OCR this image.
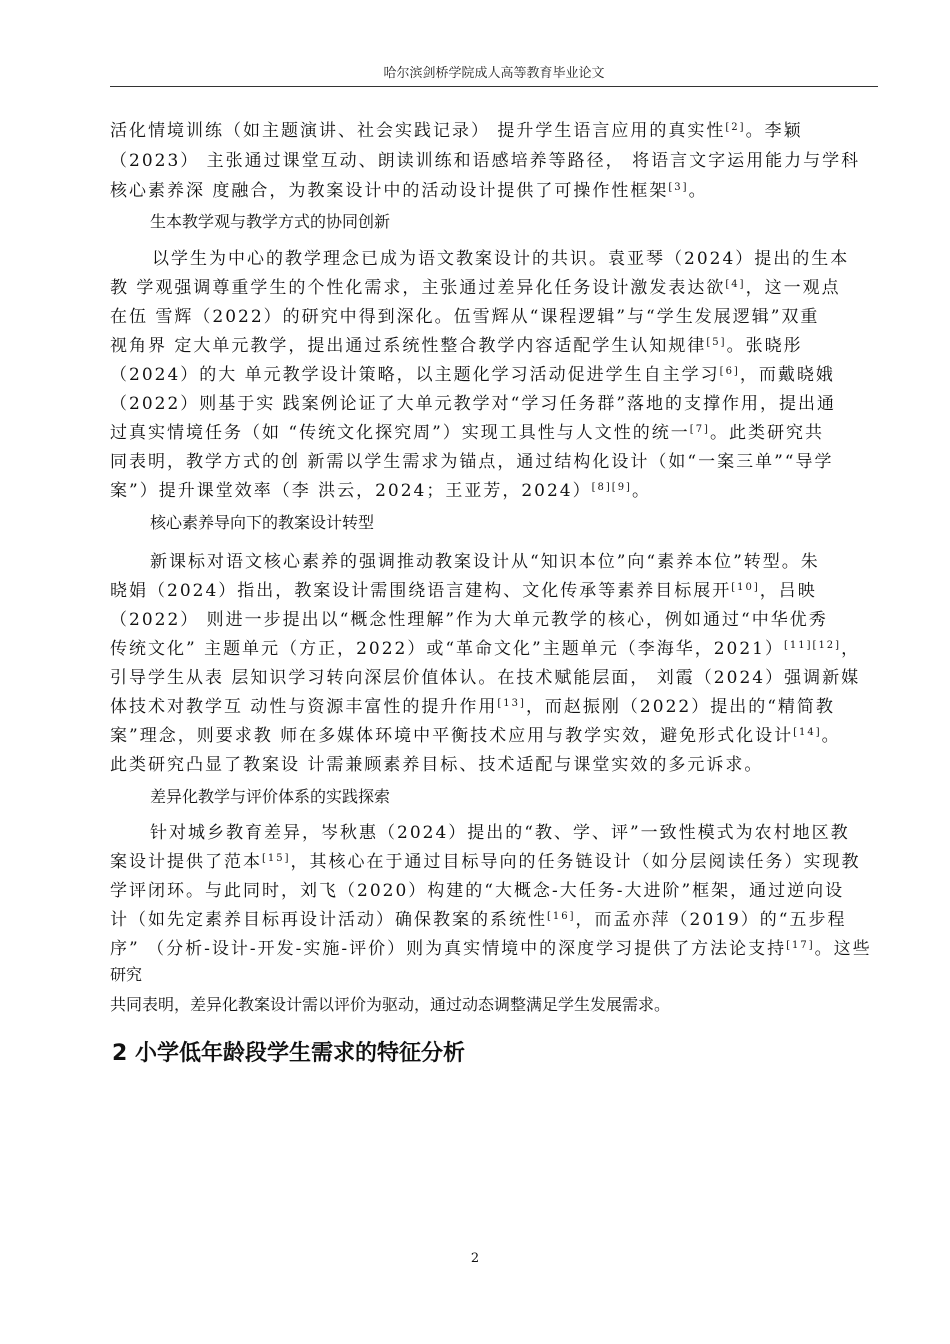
哈尔滨剑桥学院成人高等教育毕业论文
活化情境训练（如主题演讲、社会实践记录） 提升学生语言应用的真实性[2]。李颖
（2023） 主张通过课堂互动、朗读训练和语感培养等路径， 将语言文字运用能力与学科
核心素养深 度融合，为教案设计中的活动设计提供了可操作性框架[3]。
生本教学观与教学方式的协同创新
以学生为中心的教学理念已成为语文教案设计的共识。袁亚琴（2024）提出的生本
教 学观强调尊重学生的个性化需求，主张通过差异化任务设计激发表达欲[4]，这一观点
在伍 雪辉（2022）的研究中得到深化。伍雪辉从“课程逻辑”与“学生发展逻辑”双重
视角界 定大单元教学，提出通过系统性整合教学内容适配学生认知规律[5]。张晓彤
（2024）的大 单元教学设计策略，以主题化学习活动促进学生自主学习[6]，而戴晓娥
（2022）则基于实 践案例论证了大单元教学对“学习任务群”落地的支撑作用，提出通
过真实情境任务（如 “传统文化探究周”）实现工具性与人文性的统一[7]。此类研究共
同表明，教学方式的创 新需以学生需求为锚点，通过结构化设计（如“一案三单”“导学
案”）提升课堂效率（李 洪云，2024；王亚芳，2024）[8][9]。
核心素养导向下的教案设计转型
新课标对语文核心素养的强调推动教案设计从“知识本位”向“素养本位”转型。朱
晓娟（2024）指出，教案设计需围绕语言建构、文化传承等素养目标展开[10]，吕映
（2022） 则进一步提出以“概念性理解”作为大单元教学的核心，例如通过“中华优秀
传统文化” 主题单元（方正，2022）或“革命文化”主题单元（李海华，2021）[11][12]，
引导学生从表 层知识学习转向深层价值体认。在技术赋能层面， 刘霞（2024）强调新媒
体技术对教学互 动性与资源丰富性的提升作用[13]，而赵振刚（2022）提出的“精简教
案”理念，则要求教 师在多媒体环境中平衡技术应用与教学实效，避免形式化设计[14]。
此类研究凸显了教案设 计需兼顾素养目标、技术适配与课堂实效的多元诉求。
差异化教学与评价体系的实践探索
针对城乡教育差异，岑秋惠（2024）提出的“教、学、评”一致性模式为农村地区教
案设计提供了范本[15]，其核心在于通过目标导向的任务链设计（如分层阅读任务）实现教
学评闭环。与此同时，刘飞（2020）构建的“大概念-大任务-大进阶”框架，通过逆向设
计（如先定素养目标再设计活动）确保教案的系统性[16]，而孟亦萍（2019）的“五步程
序” （分析-设计-开发-实施-评价）则为真实情境中的深度学习提供了方法论支持[17]。这些
研究
共同表明，差异化教案设计需以评价为驱动，通过动态调整满足学生发展需求。
2 小学低年龄段学生需求的特征分析
2
